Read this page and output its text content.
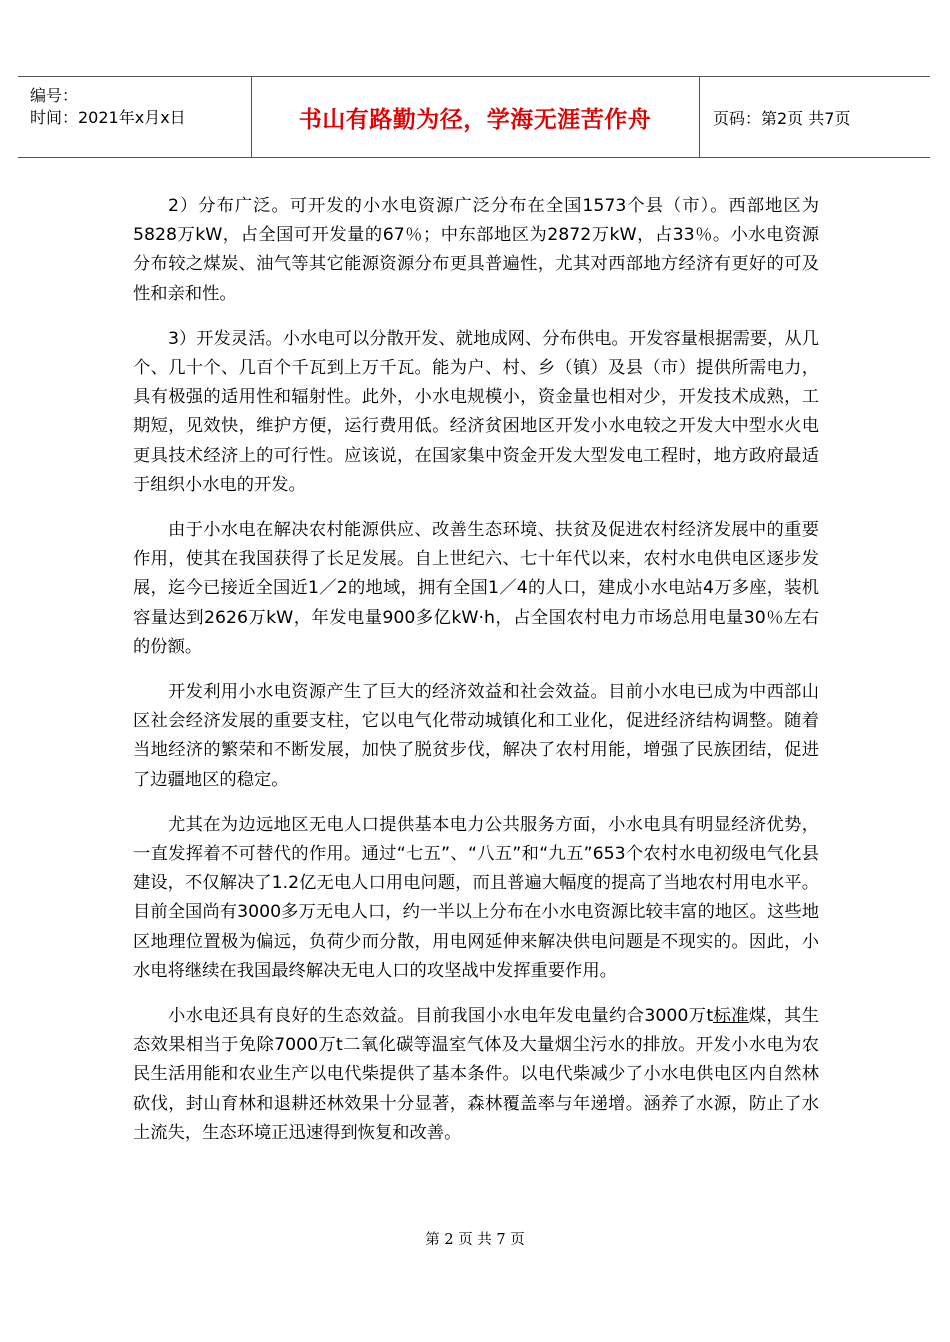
编号：
时间：2021年x月x日	书山有路勤为径，学海无涯苦作舟	页码：第2页 共7页

2）分布广泛。可开发的小水电资源广泛分布在全国1573个县（市）。西部地区为5828万kW，占全国可开发量的67％；中东部地区为2872万kW，占33％。小水电资源分布较之煤炭、油气等其它能源资源分布更具普遍性，尤其对西部地方经济有更好的可及性和亲和性。

3）开发灵活。小水电可以分散开发、就地成网、分布供电。开发容量根据需要，从几个、几十个、几百个千瓦到上万千瓦。能为户、村、乡（镇）及县（市）提供所需电力，具有极强的适用性和辐射性。此外，小水电规模小，资金量也相对少，开发技术成熟，工期短，见效快，维护方便，运行费用低。经济贫困地区开发小水电较之开发大中型水火电更具技术经济上的可行性。应该说，在国家集中资金开发大型发电工程时，地方政府最适于组织小水电的开发。

由于小水电在解决农村能源供应、改善生态环境、扶贫及促进农村经济发展中的重要作用，使其在我国获得了长足发展。自上世纪六、七十年代以来，农村水电供电区逐步发展，迄今已接近全国近1／2的地域，拥有全国1／4的人口，建成小水电站4万多座，装机容量达到2626万kW，年发电量900多亿kW·h，占全国农村电力市场总用电量30％左右的份额。

开发利用小水电资源产生了巨大的经济效益和社会效益。目前小水电已成为中西部山区社会经济发展的重要支柱，它以电气化带动城镇化和工业化，促进经济结构调整。随着当地经济的繁荣和不断发展，加快了脱贫步伐，解决了农村用能，增强了民族团结，促进了边疆地区的稳定。

尤其在为边远地区无电人口提供基本电力公共服务方面，小水电具有明显经济优势，一直发挥着不可替代的作用。通过“七五”、“八五”和“九五”653个农村水电初级电气化县建设，不仅解决了1.2亿无电人口用电问题，而且普遍大幅度的提高了当地农村用电水平。目前全国尚有3000多万无电人口，约一半以上分布在小水电资源比较丰富的地区。这些地区地理位置极为偏远，负荷少而分散，用电网延伸来解决供电问题是不现实的。因此，小水电将继续在我国最终解决无电人口的攻坚战中发挥重要作用。

小水电还具有良好的生态效益。目前我国小水电年发电量约合3000万t标准煤，其生态效果相当于免除7000万t二氧化碳等温室气体及大量烟尘污水的排放。开发小水电为农民生活用能和农业生产以电代柴提供了基本条件。以电代柴减少了小水电供电区内自然林砍伐，封山育林和退耕还林效果十分显著，森林覆盖率与年递增。涵养了水源，防止了水土流失，生态环境正迅速得到恢复和改善。

第 2 页 共 7 页
